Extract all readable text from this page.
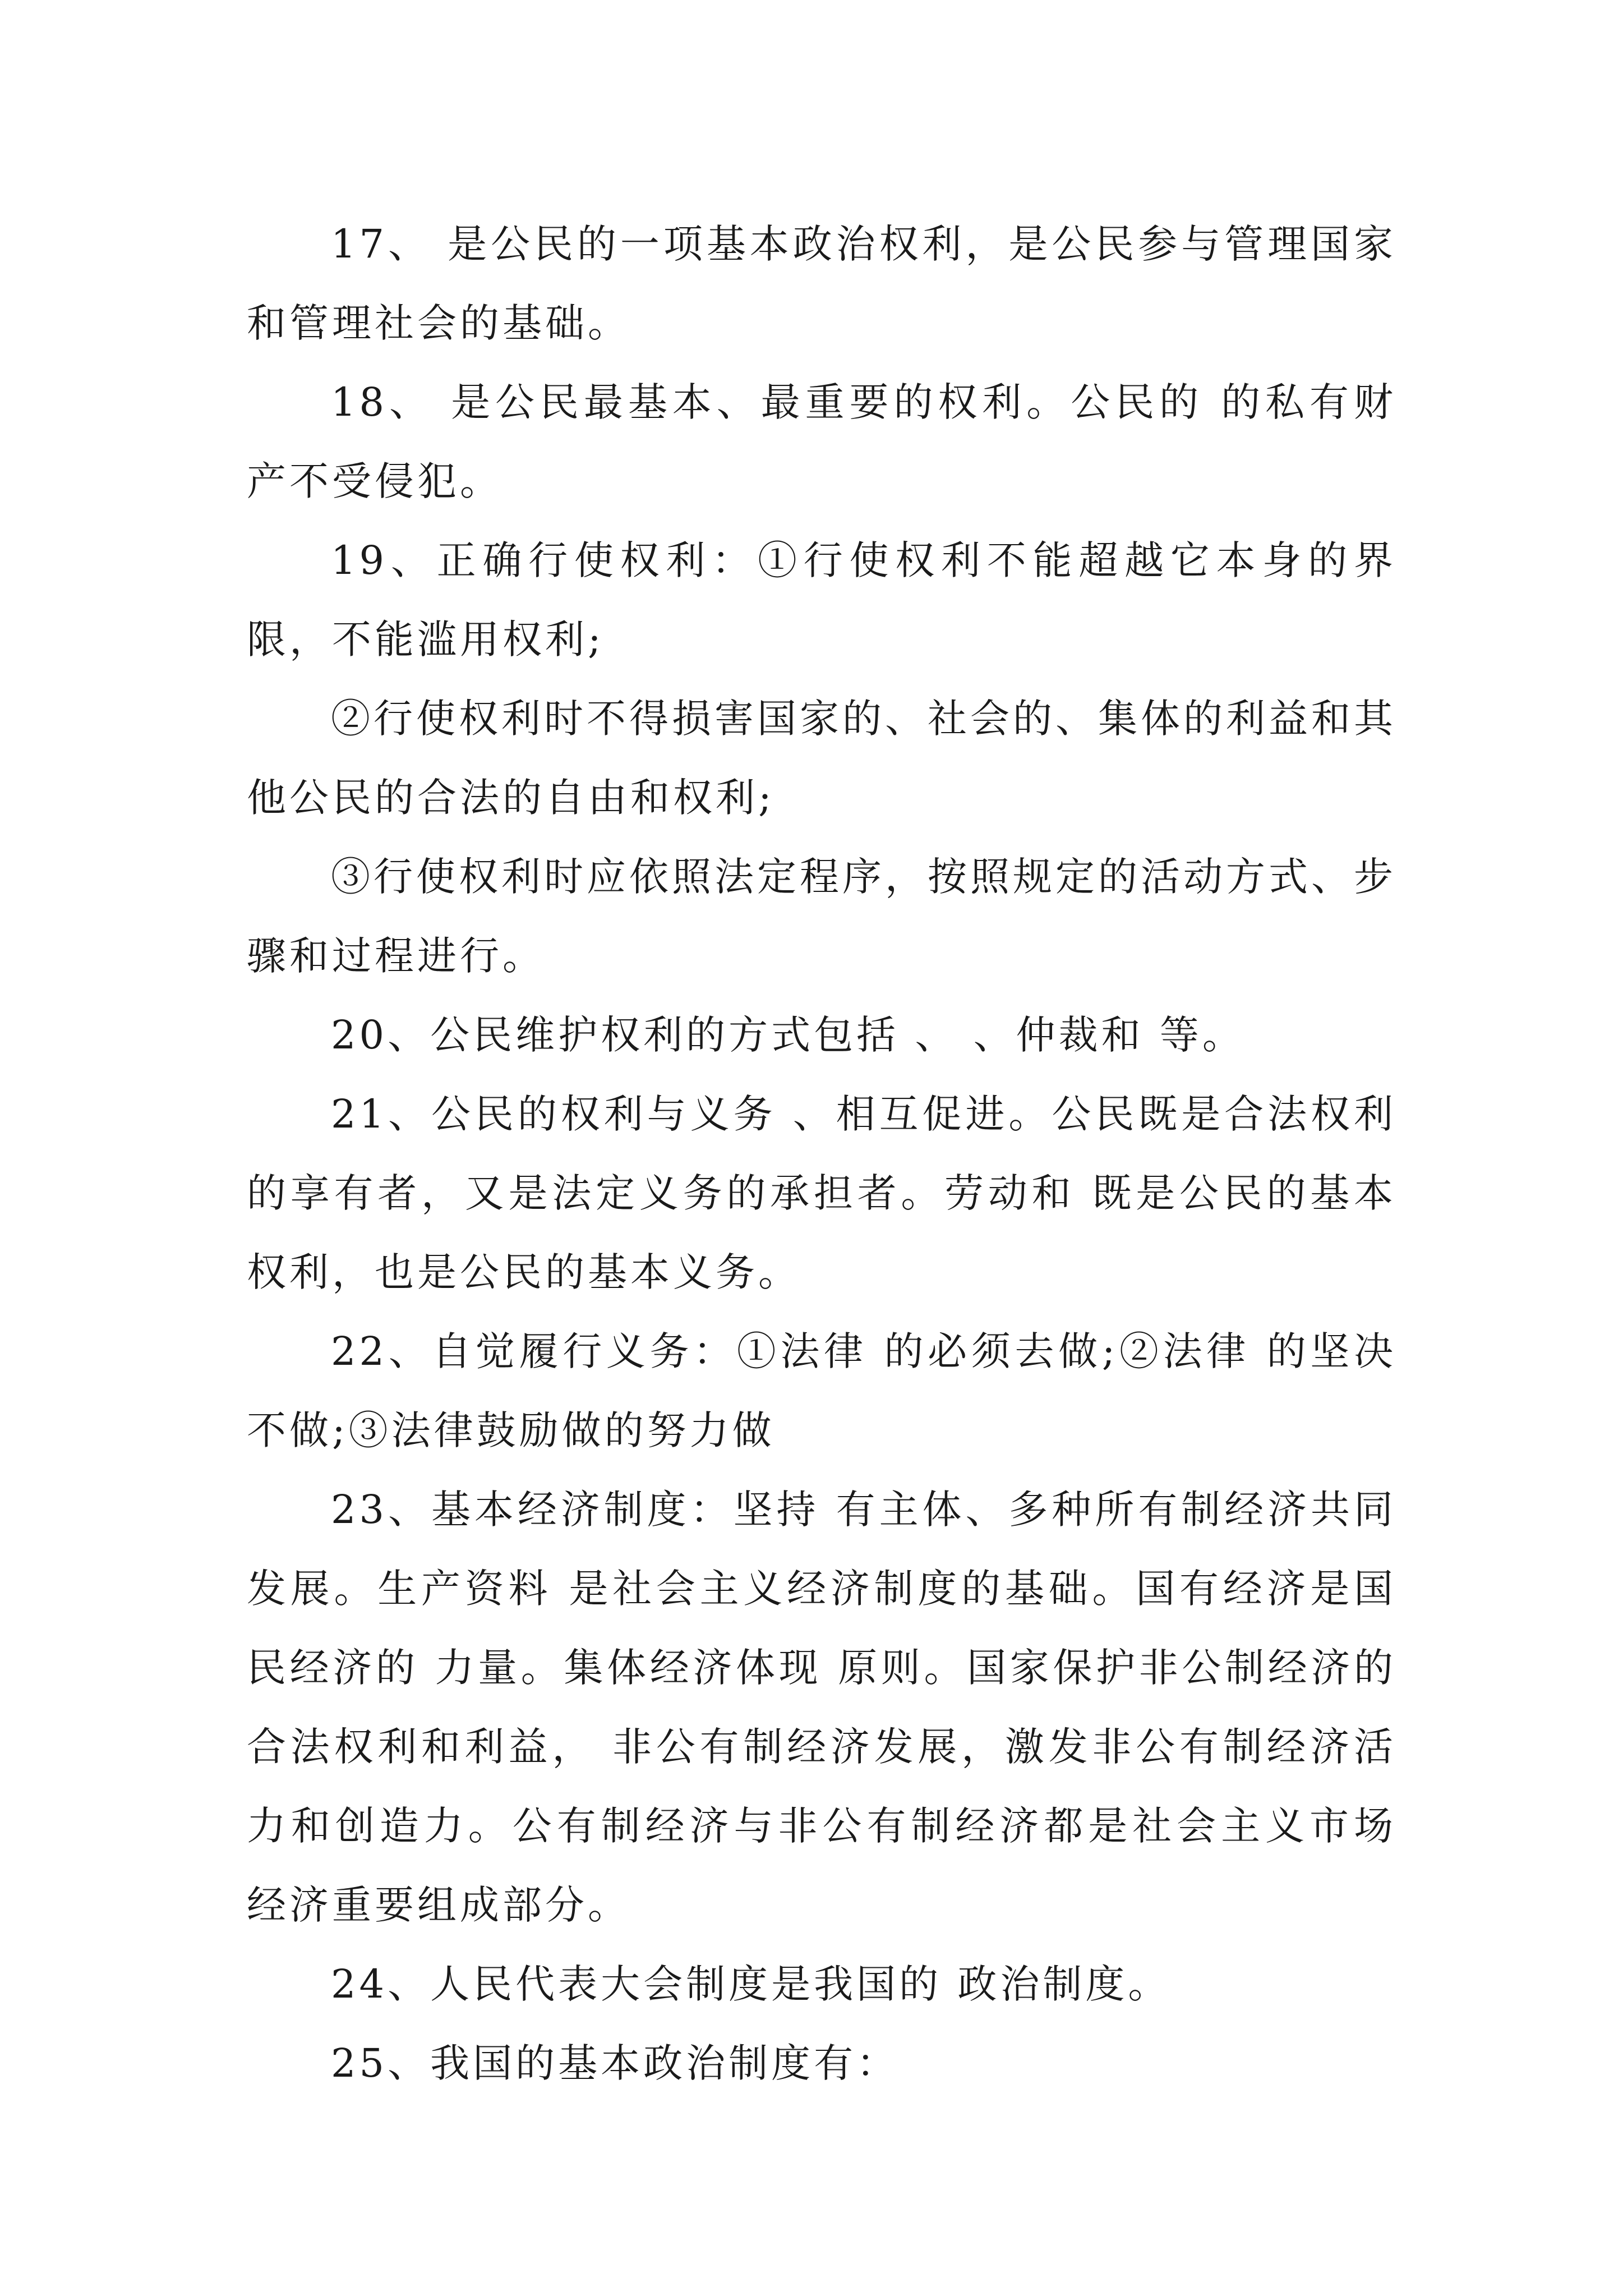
17、 是公民的一项基本政治权利，是公民参与管理国家和管理社会的基础。

18、 是公民最基本、最重要的权利。公民的 的私有财产不受侵犯。

19、正确行使权利：①行使权利不能超越它本身的界限，不能滥用权利;

②行使权利时不得损害国家的、社会的、集体的利益和其他公民的合法的自由和权利;

③行使权利时应依照法定程序，按照规定的活动方式、步骤和过程进行。

20、公民维护权利的方式包括 、 、仲裁和 等。

21、公民的权利与义务 、相互促进。公民既是合法权利的享有者，又是法定义务的承担者。劳动和 既是公民的基本权利，也是公民的基本义务。

22、自觉履行义务：①法律 的必须去做;②法律 的坚决不做;③法律鼓励做的努力做

23、基本经济制度：坚持 有主体、多种所有制经济共同发展。生产资料 是社会主义经济制度的基础。国有经济是国民经济的 力量。集体经济体现 原则。国家保护非公制经济的合法权利和利益， 非公有制经济发展，激发非公有制经济活力和创造力。公有制经济与非公有制经济都是社会主义市场经济重要组成部分。

24、人民代表大会制度是我国的 政治制度。

25、我国的基本政治制度有：
